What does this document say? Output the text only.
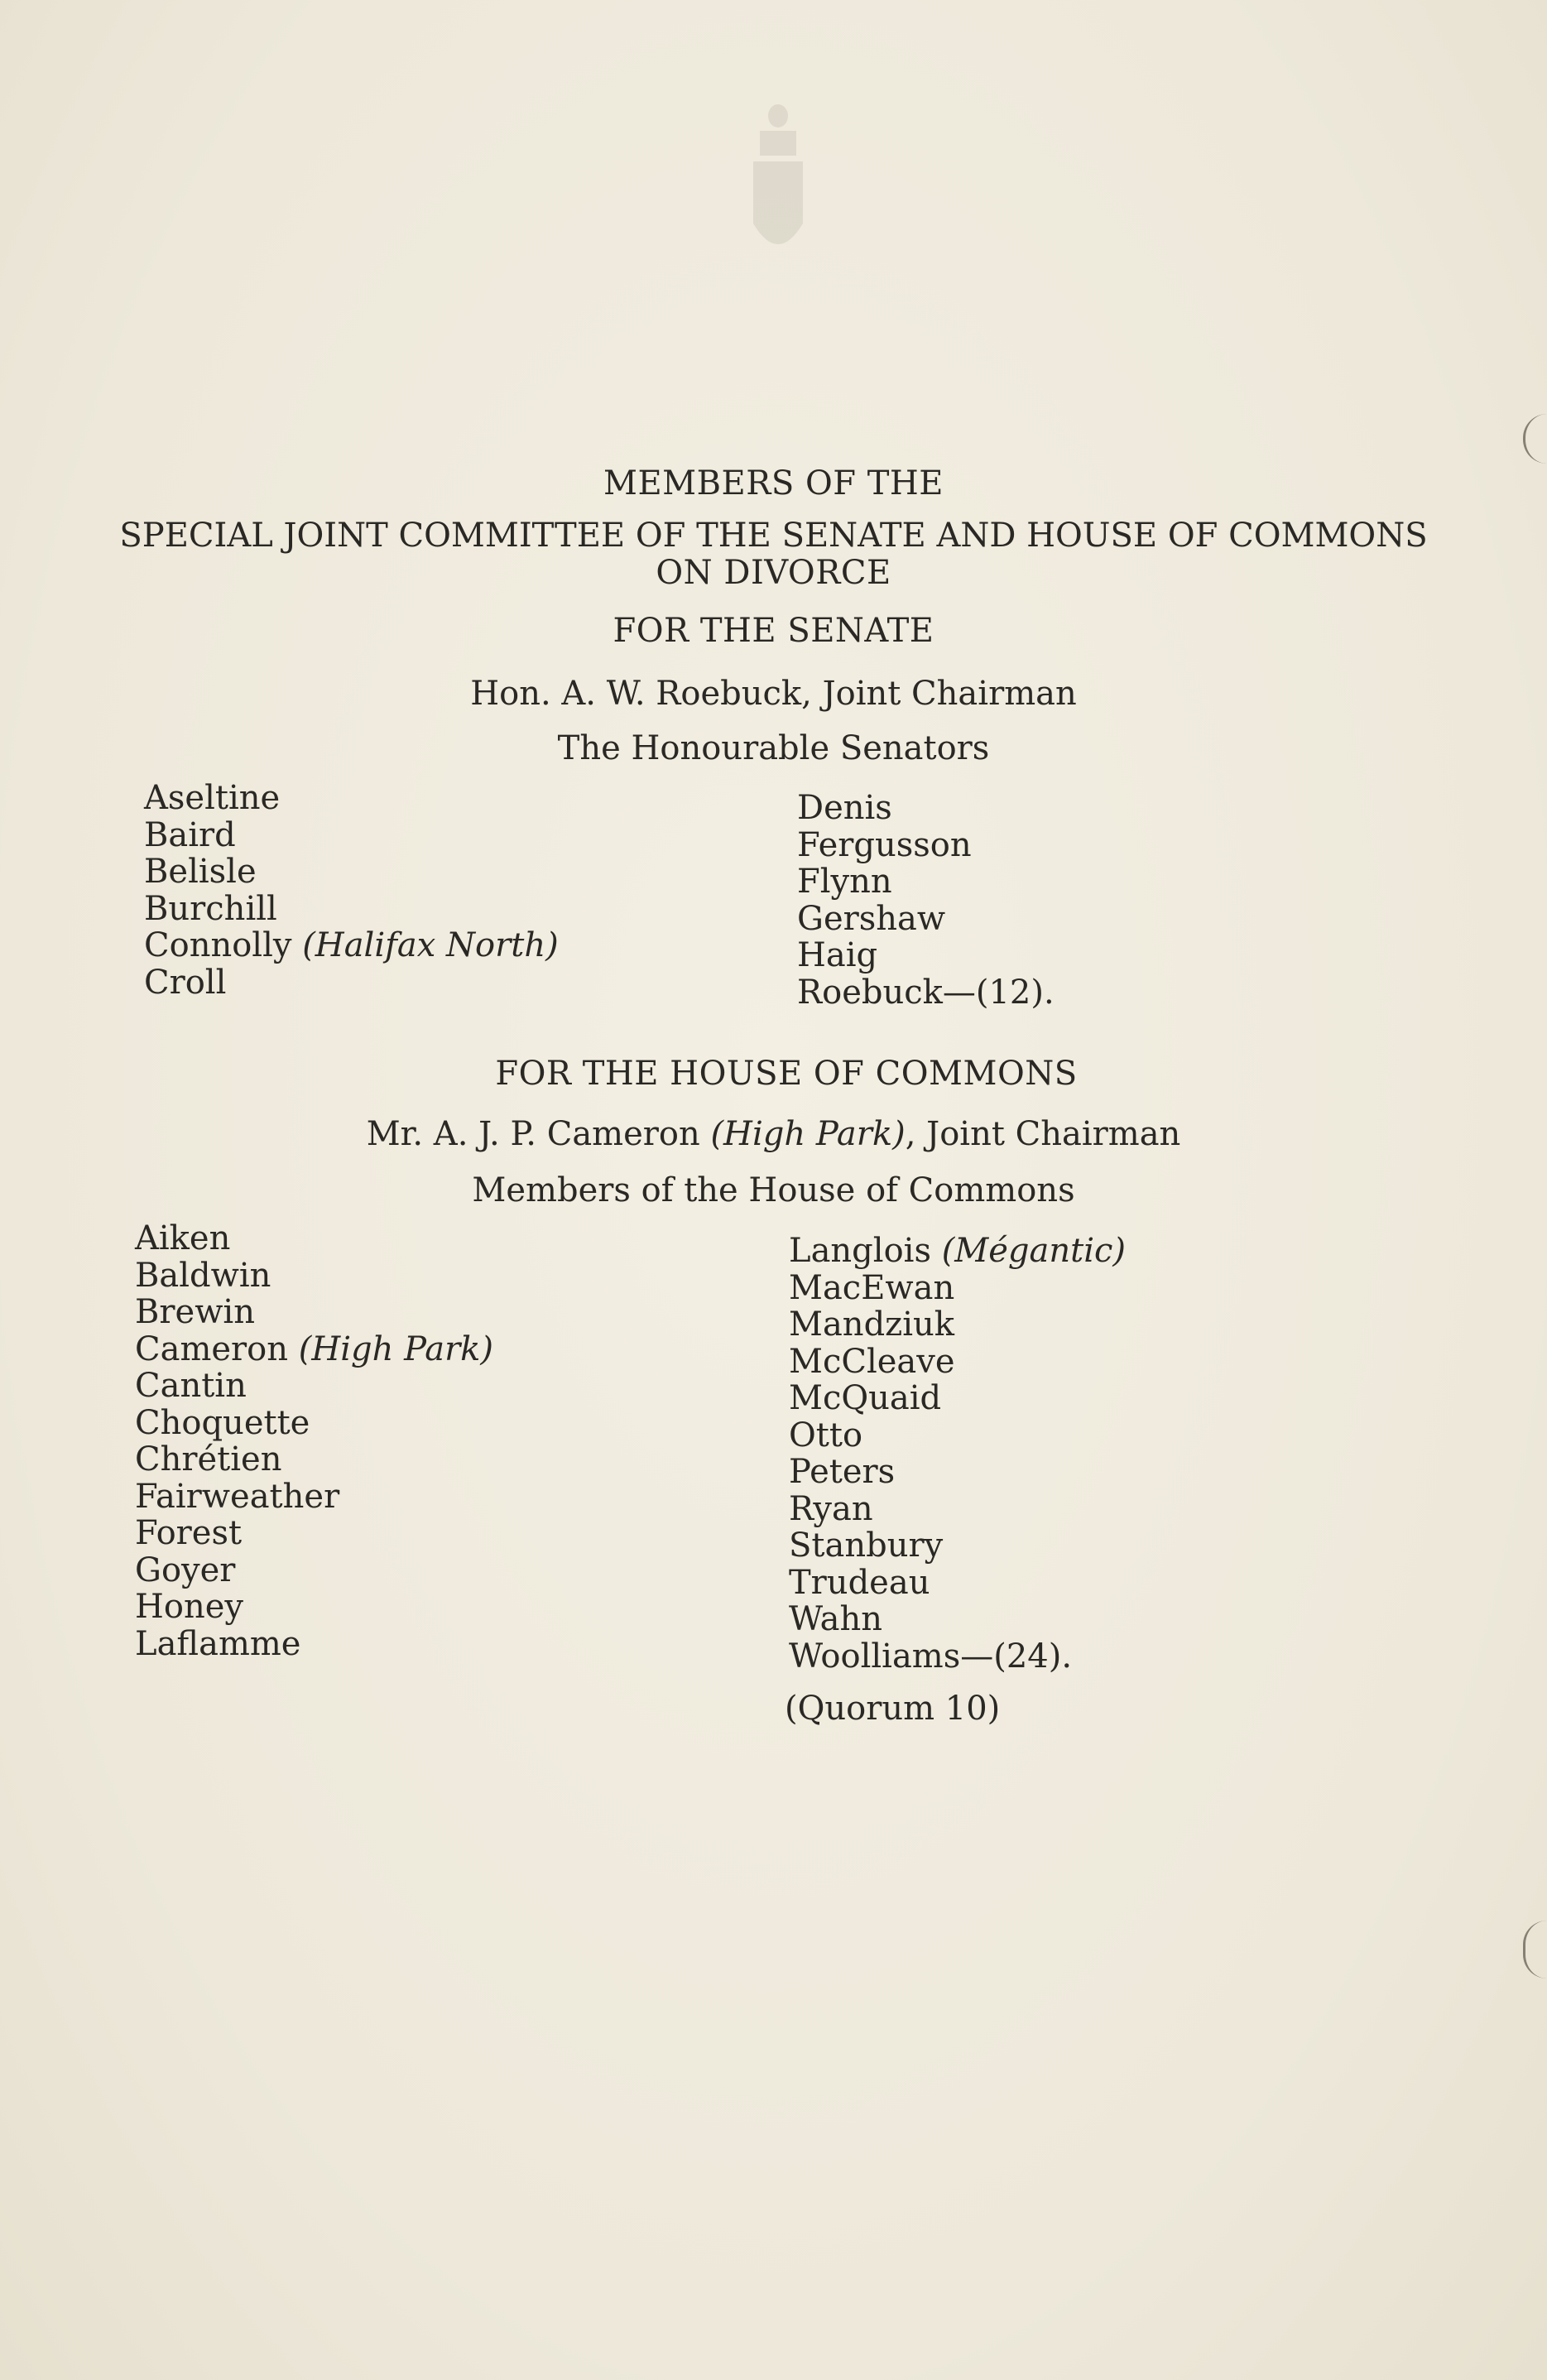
MEMBERS OF THE
SPECIAL JOINT COMMITTEE OF THE SENATE AND HOUSE OF COMMONS
ON DIVORCE
FOR THE SENATE
Hon. A. W. Roebuck, Joint Chairman
The Honourable Senators
Aseltine
Baird
Belisle
Burchill
Connolly (Halifax North)
Croll
Denis
Fergusson
Flynn
Gershaw
Haig
Roebuck—(12).
FOR THE HOUSE OF COMMONS
Mr. A. J. P. Cameron (High Park), Joint Chairman
Members of the House of Commons
Aiken
Baldwin
Brewin
Cameron (High Park)
Cantin
Choquette
Chrétien
Fairweather
Forest
Goyer
Honey
Laflamme
Langlois (Mégantic)
MacEwan
Mandziuk
McCleave
McQuaid
Otto
Peters
Ryan
Stanbury
Trudeau
Wahn
Woolliams—(24).
(Quorum 10)
